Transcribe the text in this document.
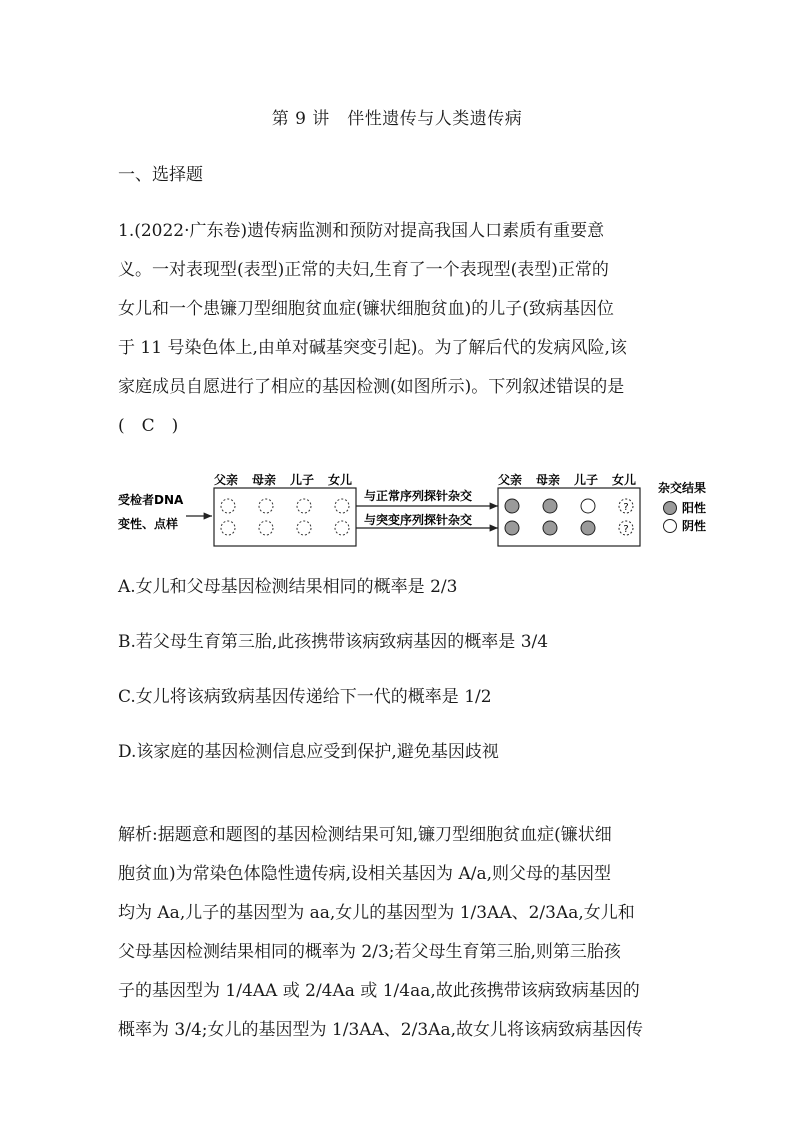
第 9 讲　伴性遗传与人类遗传病
一、选择题
1.(2022·广东卷)遗传病监测和预防对提高我国人口素质有重要意
义。一对表现型(表型)正常的夫妇,生育了一个表现型(表型)正常的
女儿和一个患镰刀型细胞贫血症(镰状细胞贫血)的儿子(致病基因位
于 11 号染色体上,由单对碱基突变引起)。为了解后代的发病风险,该
家庭成员自愿进行了相应的基因检测(如图所示)。下列叙述错误的是
(　C　)
受检者DNA
变性、点样
父亲 母亲 儿子 女儿
与正常序列探针杂交
与突变序列探针杂交
父亲 母亲 儿子 女儿
?
?
杂交结果
阳性
阴性
A.女儿和父母基因检测结果相同的概率是 2/3
B.若父母生育第三胎,此孩携带该病致病基因的概率是 3/4
C.女儿将该病致病基因传递给下一代的概率是 1/2
D.该家庭的基因检测信息应受到保护,避免基因歧视
解析:据题意和题图的基因检测结果可知,镰刀型细胞贫血症(镰状细
胞贫血)为常染色体隐性遗传病,设相关基因为 A/a,则父母的基因型
均为 Aa,儿子的基因型为 aa,女儿的基因型为 1/3AA、2/3Aa,女儿和
父母基因检测结果相同的概率为 2/3;若父母生育第三胎,则第三胎孩
子的基因型为 1/4AA 或 2/4Aa 或 1/4aa,故此孩携带该病致病基因的
概率为 3/4;女儿的基因型为 1/3AA、2/3Aa,故女儿将该病致病基因传
